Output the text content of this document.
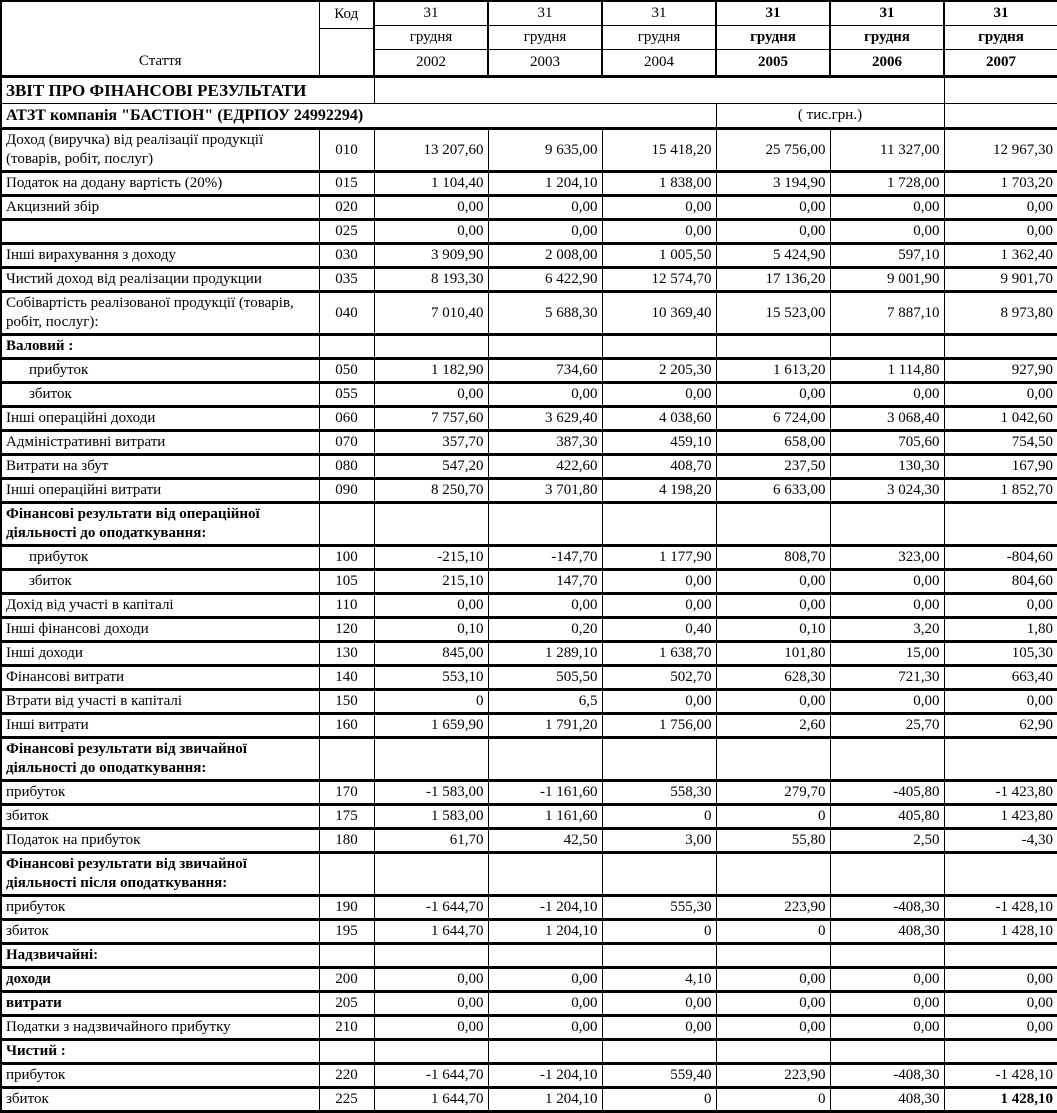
ЗВІТ ПРО ФІНАНСОВІ РЕЗУЛЬТАТИ							
АТЗТ компанія "БАСТІОН" (ЕДРПОУ 24992294)					( тис.грн.)		
Стаття	Код	31	31	31	31	31	31
		грудня	грудня	грудня	грудня	грудня	грудня
		2002	2003	2004	2005	2006	2007
Доход (виручка) від реалізації продукції
(товарів, робіт, послуг)	010	13 207,60	9 635,00	15 418,20	25 756,00	11 327,00	12 967,30
Податок на додану вартість (20%)	015	1 104,40	1 204,10	1 838,00	3 194,90	1 728,00	1 703,20
Акцизний збір	020	0,00	0,00	0,00	0,00	0,00	0,00
	025	0,00	0,00	0,00	0,00	0,00	0,00
Інші вирахування з доходу	030	3 909,90	2 008,00	1 005,50	5 424,90	597,10	1 362,40
Чистий доход від реалізации продукции	035	8 193,30	6 422,90	12 574,70	17 136,20	9 001,90	9 901,70
Собівартість реалізованої продукції (товарів,
робіт, послуг):	040	7 010,40	5 688,30	10 369,40	15 523,00	7 887,10	8 973,80
Валовий :							
прибуток	050	1 182,90	734,60	2 205,30	1 613,20	1 114,80	927,90
збиток	055	0,00	0,00	0,00	0,00	0,00	0,00
Інші операційні доходи	060	7 757,60	3 629,40	4 038,60	6 724,00	3 068,40	1 042,60
Адміністративні витрати	070	357,70	387,30	459,10	658,00	705,60	754,50
Витрати на збут	080	547,20	422,60	408,70	237,50	130,30	167,90
Інші операційні витрати	090	8 250,70	3 701,80	4 198,20	6 633,00	3 024,30	1 852,70
Фінансові результати від операційної
діяльності до оподаткування:							
прибуток	100	-215,10	-147,70	1 177,90	808,70	323,00	-804,60
збиток	105	215,10	147,70	0,00	0,00	0,00	804,60
Дохід від участі в капіталі	110	0,00	0,00	0,00	0,00	0,00	0,00
Інші фінансові доходи	120	0,10	0,20	0,40	0,10	3,20	1,80
Інші доходи	130	845,00	1 289,10	1 638,70	101,80	15,00	105,30
Фінансові витрати	140	553,10	505,50	502,70	628,30	721,30	663,40
Втрати від участі в капіталі	150	0	6,5	0,00	0,00	0,00	0,00
Інші витрати	160	1 659,90	1 791,20	1 756,00	2,60	25,70	62,90
Фінансові результати від звичайної
діяльності до оподаткування:							
прибуток	170	-1 583,00	-1 161,60	558,30	279,70	-405,80	-1 423,80
збиток	175	1 583,00	1 161,60	0	0	405,80	1 423,80
Податок на прибуток	180	61,70	42,50	3,00	55,80	2,50	-4,30
Фінансові результати від звичайної
діяльності після оподаткування:							
прибуток	190	-1 644,70	-1 204,10	555,30	223,90	-408,30	-1 428,10
збиток	195	1 644,70	1 204,10	0	0	408,30	1 428,10
Надзвичайні:							
доходи	200	0,00	0,00	4,10	0,00	0,00	0,00
витрати	205	0,00	0,00	0,00	0,00	0,00	0,00
Податки з надзвичайного прибутку	210	0,00	0,00	0,00	0,00	0,00	0,00
Чистий :							
прибуток	220	-1 644,70	-1 204,10	559,40	223,90	-408,30	-1 428,10
збиток	225	1 644,70	1 204,10	0	0	408,30	1 428,10
